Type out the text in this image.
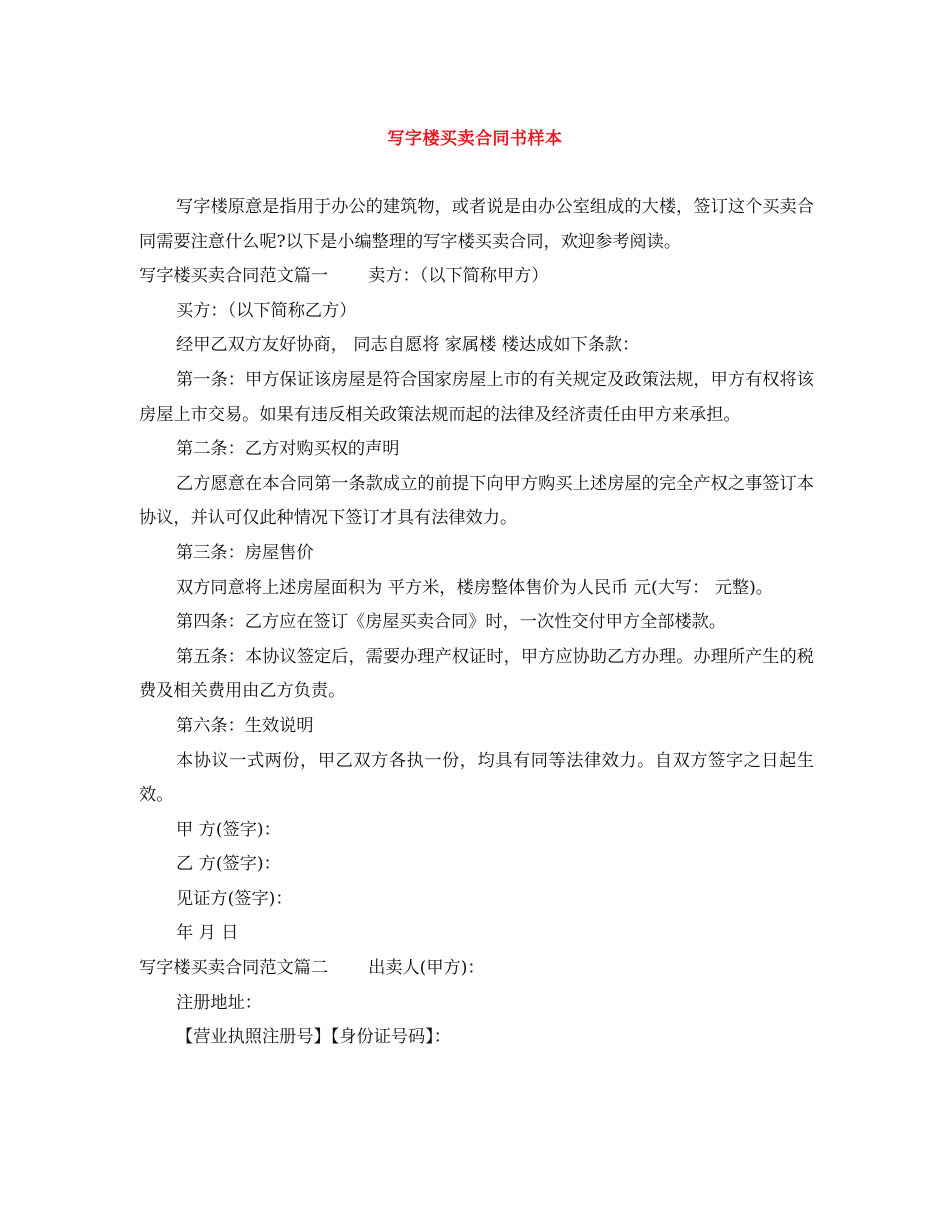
写字楼买卖合同书样本

写字楼原意是指用于办公的建筑物，或者说是由办公室组成的大楼，签订这个买卖合同需要注意什么呢?以下是小编整理的写字楼买卖合同，欢迎参考阅读。

写字楼买卖合同范文篇一 卖方：（以下简称甲方）

买方：（以下简称乙方）

经甲乙双方友好协商， 同志自愿将 家属楼 楼达成如下条款：

第一条：甲方保证该房屋是符合国家房屋上市的有关规定及政策法规，甲方有权将该房屋上市交易。如果有违反相关政策法规而起的法律及经济责任由甲方来承担。

第二条：乙方对购买权的声明

乙方愿意在本合同第一条款成立的前提下向甲方购买上述房屋的完全产权之事签订本协议，并认可仅此种情况下签订才具有法律效力。

第三条：房屋售价

双方同意将上述房屋面积为 平方米，楼房整体售价为人民币 元(大写： 元整)。

第四条：乙方应在签订《房屋买卖合同》时，一次性交付甲方全部楼款。

第五条：本协议签定后，需要办理产权证时，甲方应协助乙方办理。办理所产生的税费及相关费用由乙方负责。

第六条：生效说明

本协议一式两份，甲乙双方各执一份，均具有同等法律效力。自双方签字之日起生效。

甲 方(签字)：

乙 方(签字)：

见证方(签字)：

年 月 日

写字楼买卖合同范文篇二 出卖人(甲方)：

注册地址：

【营业执照注册号】【身份证号码】：
